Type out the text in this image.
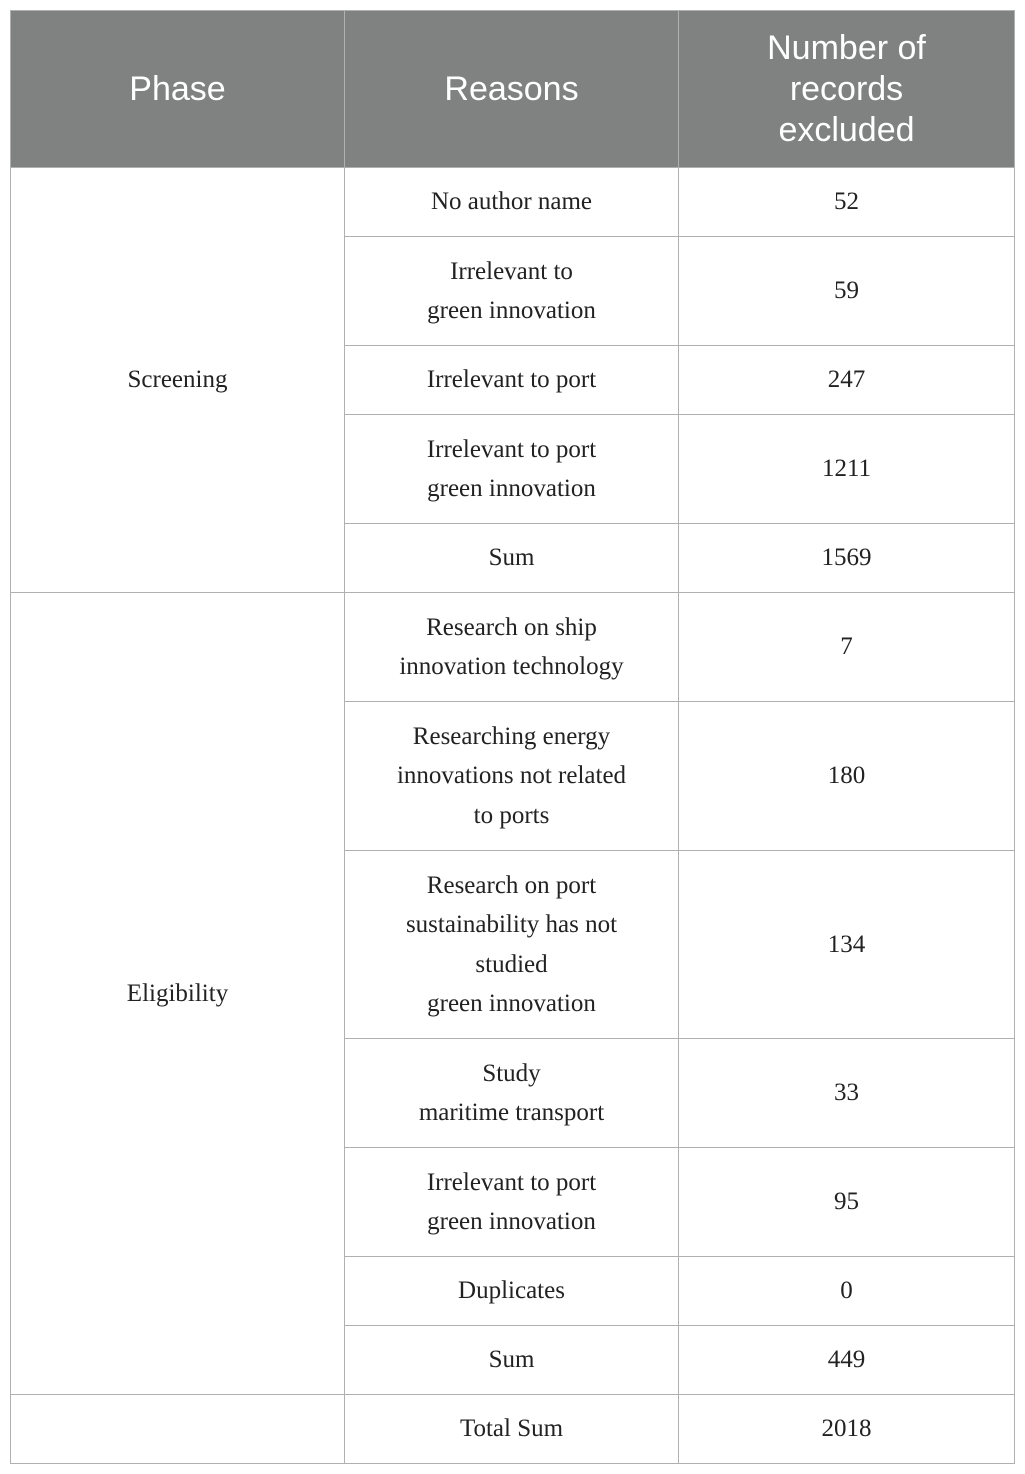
Phase	Reasons	Number of
records
excluded

Screening	No author name	52

	Irrelevant to
green innovation	59

	Irrelevant to port	247

	Irrelevant to port
green innovation	1211

	Sum	1569
Eligibility	Research on ship
innovation technology	7

	Researching energy
innovations not related
to ports	180

	Research on port
sustainability has not
studied
green innovation	134

	Study
maritime transport	33

	Irrelevant to port
green innovation	95

	Duplicates	0

	Sum	449
	Total Sum	2018
